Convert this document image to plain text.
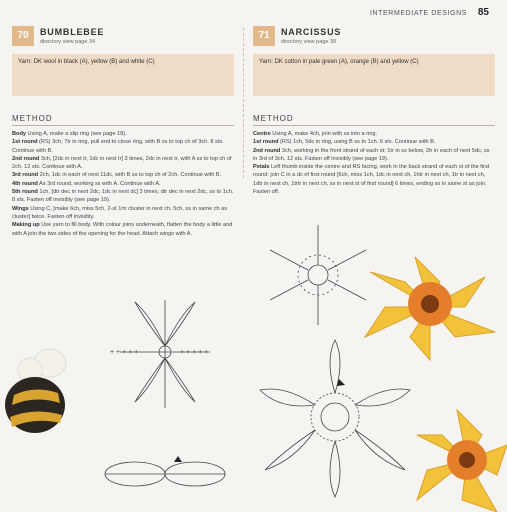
INTERMEDIATE DESIGNS 85
70	BUMBLEBEE
directory view page 34
Yarn: DK wool in black (A), yellow (B) and white (C)
METHOD

Body Using A, make a slip ring (see page 18).

1st round (RS) 3ch, 7tr in ring, pull end to close ring, with B ss to top ch of 3ch. 8 sts. Continue with B.

2nd round 3ch, [2dc in next tr, 1dc in next tr] 3 times, 2dc in next tr, with A ss to top ch of 2ch. 12 sts. Continue with A.

3rd round 2ch, 1dc in each of next 11dc, with B ss to top ch of 2ch. Continue with B.

4th round As 3rd round, working ss with A. Continue with A.

5th round 1ch, [dtr dec in next 2dc, 1dc in next dc] 3 times, dtr dec in next 2dc, ss to 1ch. 8 sts. Fasten off invisibly (see page 19).

Wings Using C, [make 6ch, miss 5ch, 2-st 1rtr cluster in next ch, 5ch, ss in same ch as cluster] twice. Fasten off invisibly.

Making up Use yarn to fill body. With colour joins underneath, flatten the body a little and with A join the two sides of the opening for the head. Attach wings with A.

71	NARCISSUS
directory view page 38
Yarn: DK cotton in pale green (A), orange (B) and yellow (C)
METHOD

Centre Using A, make 4ch, join with ss into a ring.

1st round (RS) 1ch, 5dc in ring, using B ss to 1ch. 6 sts. Continue with B.

2nd round 3ch, working in the front strand of each st: 1tr in ss below, 2tr in each of next 5dc, ss in 3rd of 3ch. 12 sts. Fasten off invisibly (see page 19).

Petals Left thumb inside the centre and RS facing, work in the back strand of each st of the first round: join C in a dc of first round [6ch, miss 1ch, 1dc in next ch, 1htr in next ch, 1tr in next ch, 1dtr in next ch, 1trtr in next ch, ss in next st of first round] 6 times, ending ss in same st as join. Fasten off.

+ + + + +	+ + + + +
